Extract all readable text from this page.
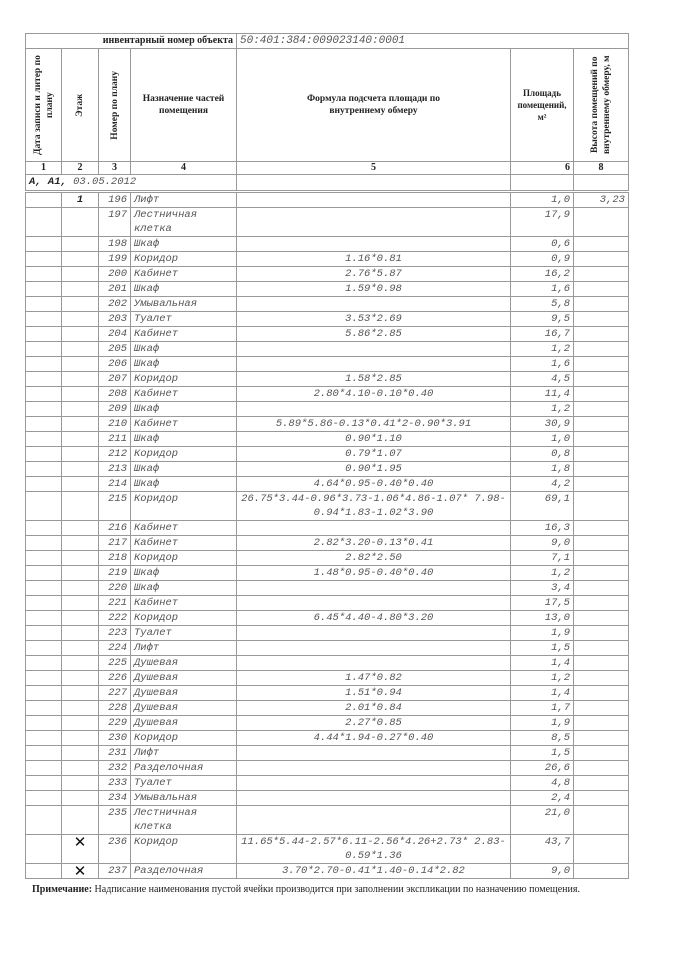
инвентарный номер объекта				50:401:384:009023140:0001		

Дата записи и литер по плану	Этаж	Номер по плану	Назначение частей помещения	Формула подсчета площади по внутреннему обмеру	Площадь помещений, м²	Высота помещений по внутреннему обмеру, м

1	2	3	4	5	6	8
А, А1, 03.05.2012						
	1	196	Лифт		1,0	3,23
		197	Лестничная клетка		17,9	
		198	Шкаф		0,6	
		199	Коридор	1.16*0.81	0,9	
		200	Кабинет	2.76*5.87	16,2	
		201	Шкаф	1.59*0.98	1,6	
		202	Умывальная		5,8	
		203	Туалет	3.53*2.69	9,5	
		204	Кабинет	5.86*2.85	16,7	
		205	Шкаф		1,2	
		206	Шкаф		1,6	
		207	Коридор	1.58*2.85	4,5	
		208	Кабинет	2.80*4.10-0.10*0.40	11,4	
		209	Шкаф		1,2	
		210	Кабинет	5.89*5.86-0.13*0.41*2-0.90*3.91	30,9	
		211	Шкаф	0.90*1.10	1,0	
		212	Коридор	0.79*1.07	0,8	
		213	Шкаф	0.90*1.95	1,8	
		214	Шкаф	4.64*0.95-0.40*0.40	4,2	
		215	Коридор	26.75*3.44-0.96*3.73-1.06*4.86-1.07* 7.98-0.94*1.83-1.02*3.90	69,1	
		216	Кабинет		16,3	
		217	Кабинет	2.82*3.20-0.13*0.41	9,0	
		218	Коридор	2.82*2.50	7,1	
		219	Шкаф	1.48*0.95-0.40*0.40	1,2	
		220	Шкаф		3,4	
		221	Кабинет		17,5	
		222	Коридор	6.45*4.40-4.80*3.20	13,0	
		223	Туалет		1,9	
		224	Лифт		1,5	
		225	Душевая		1,4	
		226	Душевая	1.47*0.82	1,2	
		227	Душевая	1.51*0.94	1,4	
		228	Душевая	2.01*0.84	1,7	
		229	Душевая	2.27*0.85	1,9	
		230	Коридор	4.44*1.94-0.27*0.40	8,5	
		231	Лифт		1,5	
		232	Разделочная		26,6	
		233	Туалет		4,8	
		234	Умывальная		2,4	
		235	Лестничная клетка		21,0	
	✕	236	Коридор	11.65*5.44-2.57*6.11-2.56*4.26+2.73* 2.83-0.59*1.36	43,7	
	✕	237	Разделочная	3.70*2.70-0.41*1.40-0.14*2.82	9,0	
Примечание: Надписание наименования пустой ячейки производится при заполнении экспликации по назначению помещения.
